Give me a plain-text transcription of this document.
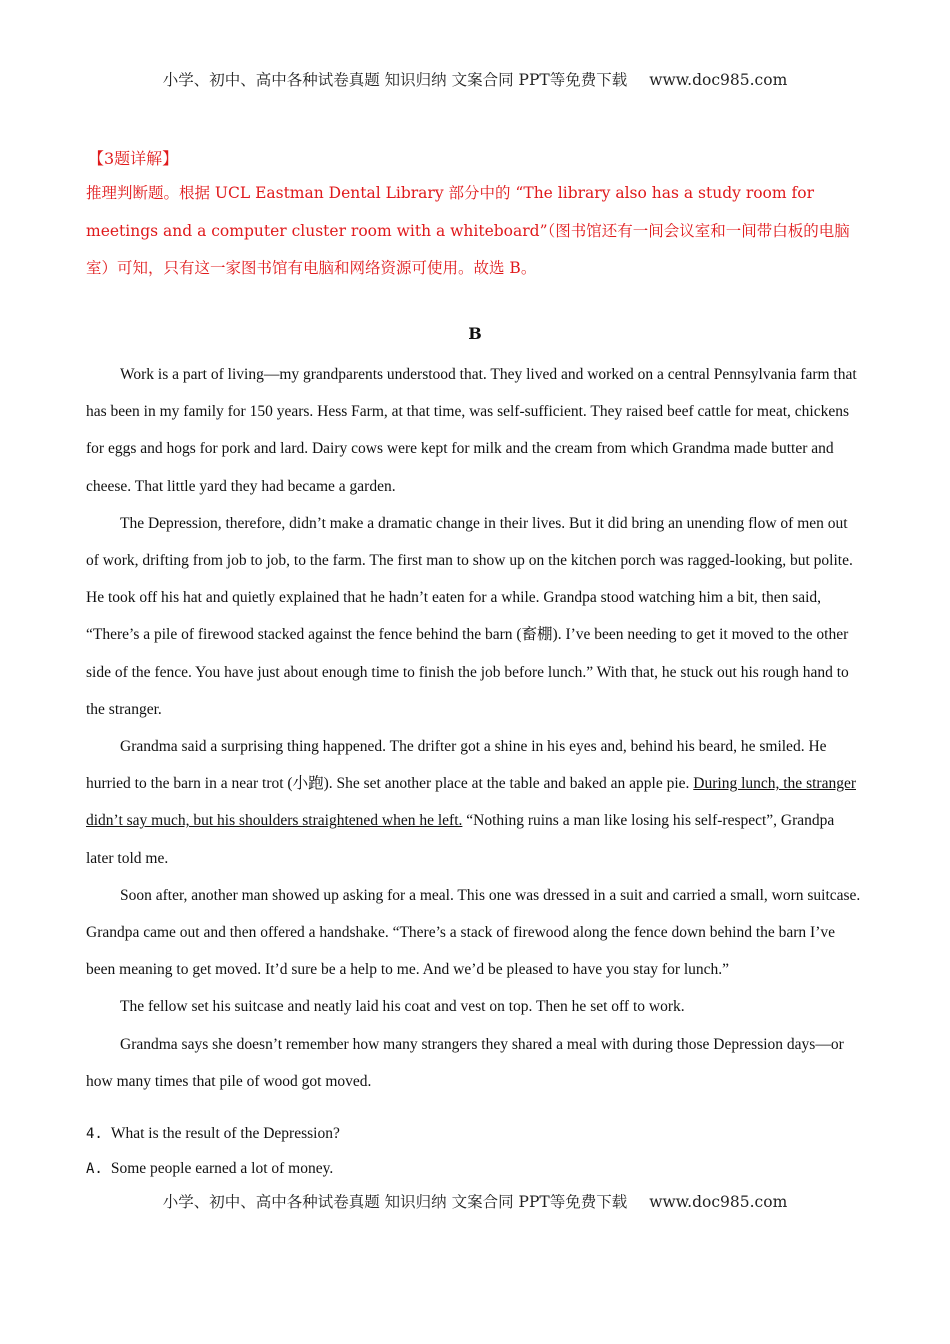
小学、初中、高中各种试卷真题 知识归纳 文案合同 PPT等免费下载 www.doc985.com
【3题详解】

推理判断题。根据 UCL Eastman Dental Library 部分中的 “The library also has a study room for meetings and a computer cluster room with a whiteboard”（图书馆还有一间会议室和一间带白板的电脑室）可知，只有这一家图书馆有电脑和网络资源可使用。故选 B。

B

Work is a part of living—my grandparents understood that. They lived and worked on a central Pennsylvania farm that has been in my family for 150 years. Hess Farm, at that time, was self-sufficient. They raised beef cattle for meat, chickens for eggs and hogs for pork and lard. Dairy cows were kept for milk and the cream from which Grandma made butter and cheese. That little yard they had became a garden.

The Depression, therefore, didn’t make a dramatic change in their lives. But it did bring an unending flow of men out of work, drifting from job to job, to the farm. The first man to show up on the kitchen porch was ragged-looking, but polite. He took off his hat and quietly explained that he hadn’t eaten for a while. Grandpa stood watching him a bit, then said, “There’s a pile of firewood stacked against the fence behind the barn (畜棚). I’ve been needing to get it moved to the other side of the fence. You have just about enough time to finish the job before lunch.” With that, he stuck out his rough hand to the stranger.

Grandma said a surprising thing happened. The drifter got a shine in his eyes and, behind his beard, he smiled. He hurried to the barn in a near trot (小跑). She set another place at the table and baked an apple pie. During lunch, the stranger didn’t say much, but his shoulders straightened when he left. “Nothing ruins a man like losing his self-respect”, Grandpa later told me.

Soon after, another man showed up asking for a meal. This one was dressed in a suit and carried a small, worn suitcase. Grandpa came out and then offered a handshake. “There’s a stack of firewood along the fence down behind the barn I’ve been meaning to get moved. It’d sure be a help to me. And we’d be pleased to have you stay for lunch.”

The fellow set his suitcase and neatly laid his coat and vest on top. Then he set off to work.

Grandma says she doesn’t remember how many strangers they shared a meal with during those Depression days—or how many times that pile of wood got moved.

4. What is the result of the Depression?
A. Some people earned a lot of money.
小学、初中、高中各种试卷真题 知识归纳 文案合同 PPT等免费下载 www.doc985.com
